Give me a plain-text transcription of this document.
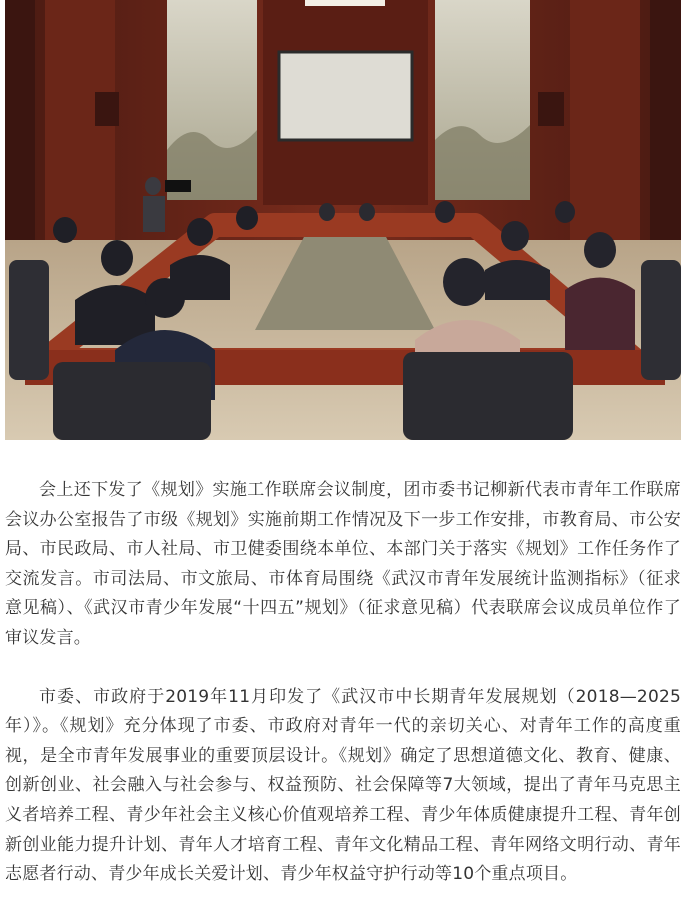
会上还下发了《规划》实施工作联席会议制度，团市委书记柳新代表市青年工作联席会议办公室报告了市级《规划》实施前期工作情况及下一步工作安排，市教育局、市公安局、市民政局、市人社局、市卫健委围绕本单位、本部门关于落实《规划》工作任务作了交流发言。市司法局、市文旅局、市体育局围绕《武汉市青年发展统计监测指标》（征求意见稿）、《武汉市青少年发展“十四五”规划》（征求意见稿）代表联席会议成员单位作了审议发言。

市委、市政府于2019年11月印发了《武汉市中长期青年发展规划（2018—2025年）》。《规划》充分体现了市委、市政府对青年一代的亲切关心、对青年工作的高度重视，是全市青年发展事业的重要顶层设计。《规划》确定了思想道德文化、教育、健康、创新创业、社会融入与社会参与、权益预防、社会保障等7大领域，提出了青年马克思主义者培养工程、青少年社会主义核心价值观培养工程、青少年体质健康提升工程、青年创新创业能力提升计划、青年人才培育工程、青年文化精品工程、青年网络文明行动、青年志愿者行动、青少年成长关爱计划、青少年权益守护行动等10个重点项目。
